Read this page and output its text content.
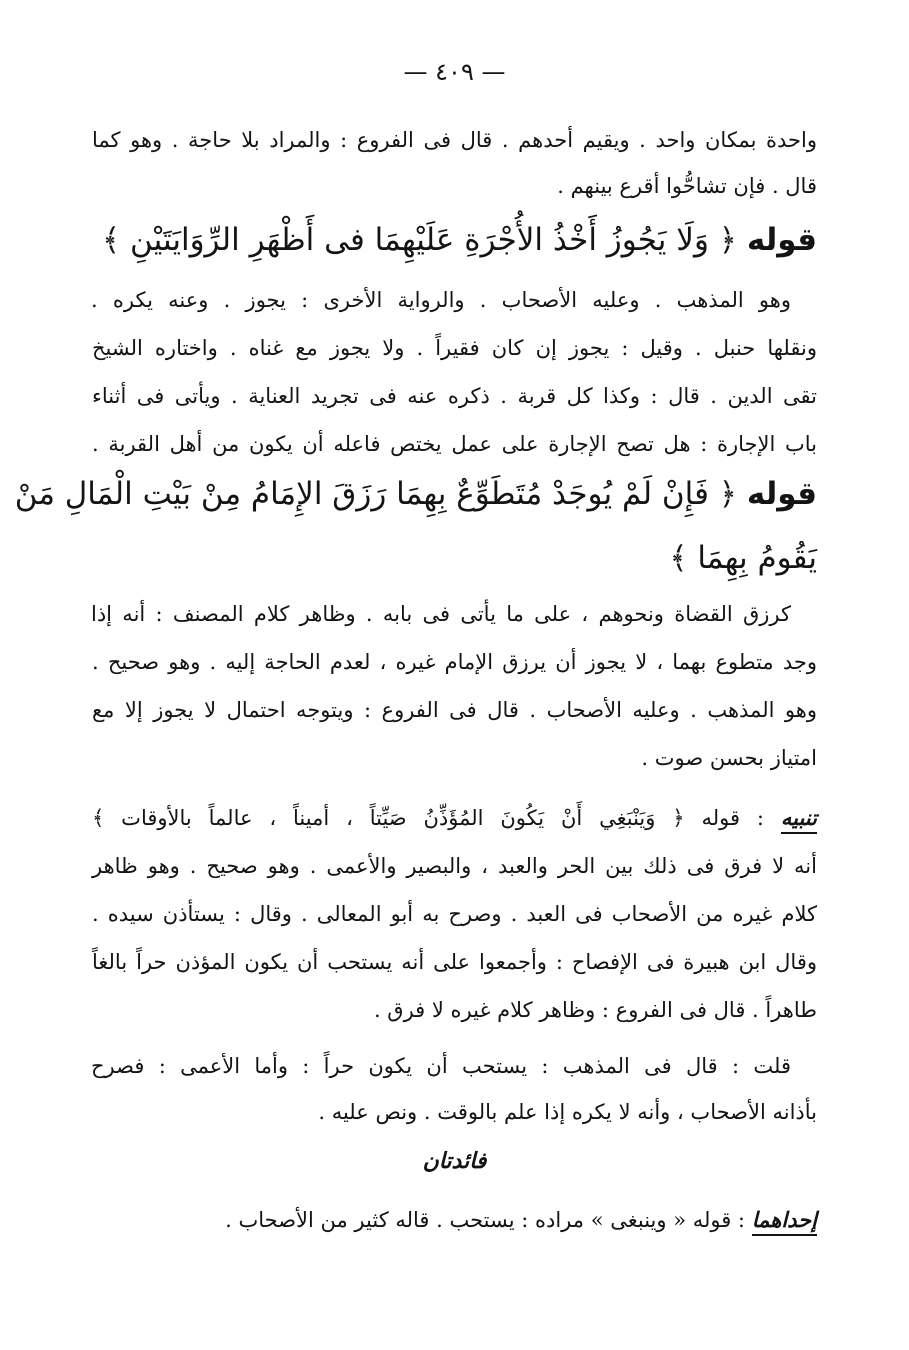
— ٤٠٩ —
واحدة بمكان واحد . ويقيم أحدهم . قال فى الفروع : والمراد بلا حاجة . وهو كما
قال . فإن تشاحُّوا أقرع بينهم .
قوله ﴿ وَلَا يَجُوزُ أَخْذُ الأُجْرَةِ عَلَيْهِمَا فى أَظْهَرِ الرِّوَايَتَيْنِ ﴾
وهو المذهب . وعليه الأصحاب . والرواية الأخرى : يجوز . وعنه يكره .
ونقلها حنبل . وقيل : يجوز إن كان فقيراً . ولا يجوز مع غناه . واختاره الشيخ
تقى الدين . قال : وكذا كل قربة . ذكره عنه فى تجريد العناية . ويأتى فى أثناء
باب الإجارة : هل تصح الإجارة على عمل يختص فاعله أن يكون من أهل القربة .
قوله ﴿ فَإِنْ لَمْ يُوجَدْ مُتَطَوِّعٌ بِهِمَا رَزَقَ الإِمَامُ مِنْ بَيْتِ الْمَالِ مَنْ
يَقُومُ بِهِمَا ﴾
كرزق القضاة ونحوهم ، على ما يأتى فى بابه . وظاهر كلام المصنف : أنه إذا
وجد متطوع بهما ، لا يجوز أن يرزق الإمام غيره ، لعدم الحاجة إليه . وهو صحيح .
وهو المذهب . وعليه الأصحاب . قال فى الفروع : ويتوجه احتمال لا يجوز إلا مع
امتياز بحسن صوت .
تنبيه : قوله ﴿ وَيَنْبَغِي أَنْ يَكُونَ المُؤَذِّنُ صَيِّتاً ، أميناً ، عالماً بالأوقات ﴾
أنه لا فرق فى ذلك بين الحر والعبد ، والبصير والأعمى . وهو صحيح . وهو ظاهر
كلام غيره من الأصحاب فى العبد . وصرح به أبو المعالى . وقال : يستأذن سيده .
وقال ابن هبيرة فى الإفصاح : وأجمعوا على أنه يستحب أن يكون المؤذن حراً بالغاً
طاهراً . قال فى الفروع : وظاهر كلام غيره لا فرق .
قلت : قال فى المذهب : يستحب أن يكون حراً : وأما الأعمى : فصرح
بأذانه الأصحاب ، وأنه لا يكره إذا علم بالوقت . ونص عليه .
فائدتان
إحداهما : قوله « وينبغى » مراده : يستحب . قاله كثير من الأصحاب .
